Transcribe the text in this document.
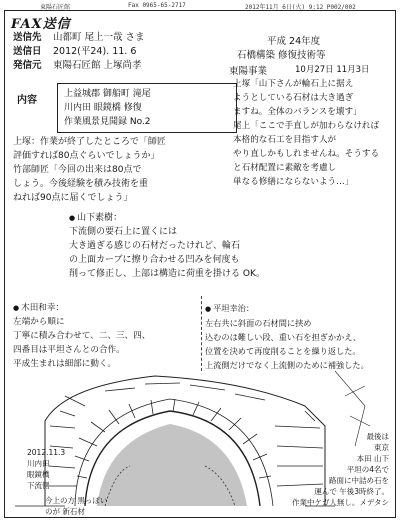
東陽石匠館	Fax 0965-65-2717	2012年11月 6日(火) 9:12 P002/002
FAX送信
送信先 山都町 尾上一哉 さま
送信日 2012(平24). 11. 6
発信元 東陽石匠館 上塚尚孝
平成 24年度
石橋構築 修復技術等
東陽事業	10月27日 11月3日
内容
上益城郡 御船町 滝尾
川内田 眼鏡橋 修復
作業風景見聞録 No.2
上塚：作業が終了したところで「師匠
評価すれば80点ぐらいでしょうか」
竹部師匠「今回の出来は80点で
しょう。今後経験を積み技術を重
ねれば90点に届くでしょう」
上塚「山下さんが輪石上に据え
ようとしている石材は大き過ぎ
ますね。全体のバランスを壊す」
尾上「ここで手直しが加わらなければ
本格的な石工を目指す人が
やり直しかもしれませんね。そうする
と石材配置に素敵を考慮し
単なる修繕にならないよう…」
● 山下素樹：
下流側の要石上に置くには
大き過ぎる感じの石材だったけれど、輪石
の上面カーブに擦り合わせる凹みを何度も
削って修正し、上部は構造に荷重を掛ける OK。
● 木田和幸：
左端から順に
丁寧に積み合わせて、二、三、四、
四番目は平坦さんとの合作。
平成生まれは細部に動く。
● 平坦幸治：
左右共に斜面の石材間に挟め
込むのは難しい段、重い石を担ぎかかえ、
位置を決めて再度削ることを繰り返した。
上流側だけでなく上流側のために補強した。
2012.11.3
川内田
眼鏡橋
下流側
今上の方 黒っぽい
のが 新石材
最後は
東京
本田 山下
平坦の4名で
路面に中詰め石を
運んで 午後3時終了。
作業中ケガ人無し。メデタシ
